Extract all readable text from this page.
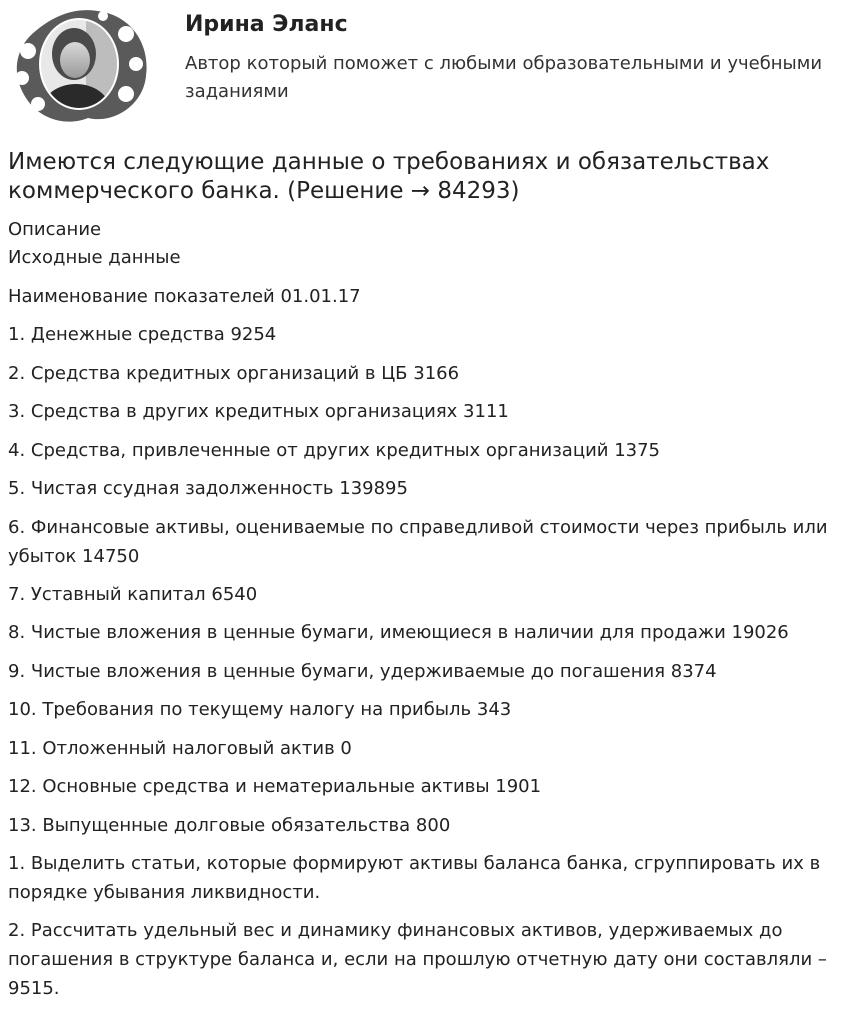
Ирина Эланс
Автор который поможет с любыми образовательными и учебными заданиями
Имеются следующие данные о требованиях и обязательствах коммерческого банка. (Решение → 84293)
Описание
Исходные данные
Наименование показателей 01.01.17
1. Денежные средства 9254
2. Средства кредитных организаций в ЦБ 3166
3. Средства в других кредитных организациях 3111
4. Средства, привлеченные от других кредитных организаций 1375
5. Чистая ссудная задолженность 139895
6. Финансовые активы, оцениваемые по справедливой стоимости через прибыль или убыток 14750
7. Уставный капитал 6540
8. Чистые вложения в ценные бумаги, имеющиеся в наличии для продажи 19026
9. Чистые вложения в ценные бумаги, удерживаемые до погашения 8374
10. Требования по текущему налогу на прибыль 343
11. Отложенный налоговый актив 0
12. Основные средства и нематериальные активы 1901
13. Выпущенные долговые обязательства 800
1. Выделить статьи, которые формируют активы баланса банка, сгруппировать их в порядке убывания ликвидности.
2. Рассчитать удельный вес и динамику финансовых активов, удерживаемых до погашения в структуре баланса и, если на прошлую отчетную дату они составляли – 9515.
